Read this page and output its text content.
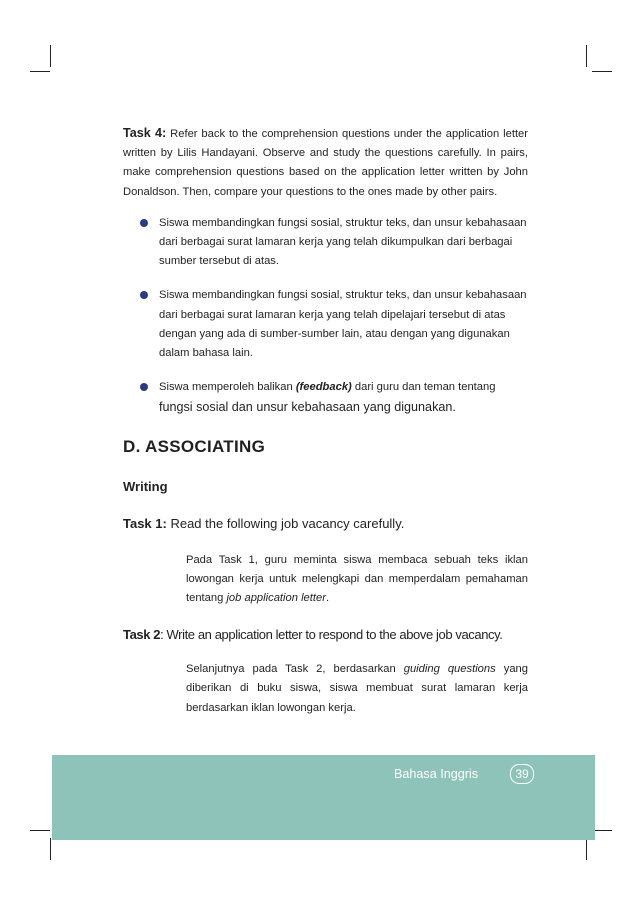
Task 4: Refer back to the comprehension questions under the application letter written by Lilis Handayani. Observe and study the questions carefully. In pairs, make comprehension questions based on the application letter written by John Donaldson. Then, compare your questions to the ones made by other pairs.

Siswa membandingkan fungsi sosial, struktur teks, dan unsur kebahasaan dari berbagai surat lamaran kerja yang telah dikumpulkan dari berbagai sumber tersebut di atas.
Siswa membandingkan fungsi sosial, struktur teks, dan unsur kebahasaan dari berbagai surat lamaran kerja yang telah dipelajari tersebut di atas dengan yang ada di sumber-sumber lain, atau dengan yang digunakan dalam bahasa lain.
Siswa memperoleh balikan (feedback) dari guru dan teman tentang
fungsi sosial dan unsur kebahasaan yang digunakan.

D. ASSOCIATING

Writing

Task 1: Read the following job vacancy carefully.

Pada Task 1, guru meminta siswa membaca sebuah teks iklan lowongan kerja untuk melengkapi dan memperdalam pemahaman tentang job application letter.

Task 2: Write an application letter to respond to the above job vacancy.

Selanjutnya pada Task 2, berdasarkan guiding questions yang diberikan di buku siswa, siswa membuat surat lamaran kerja berdasarkan iklan lowongan kerja.

Bahasa Inggris	39
